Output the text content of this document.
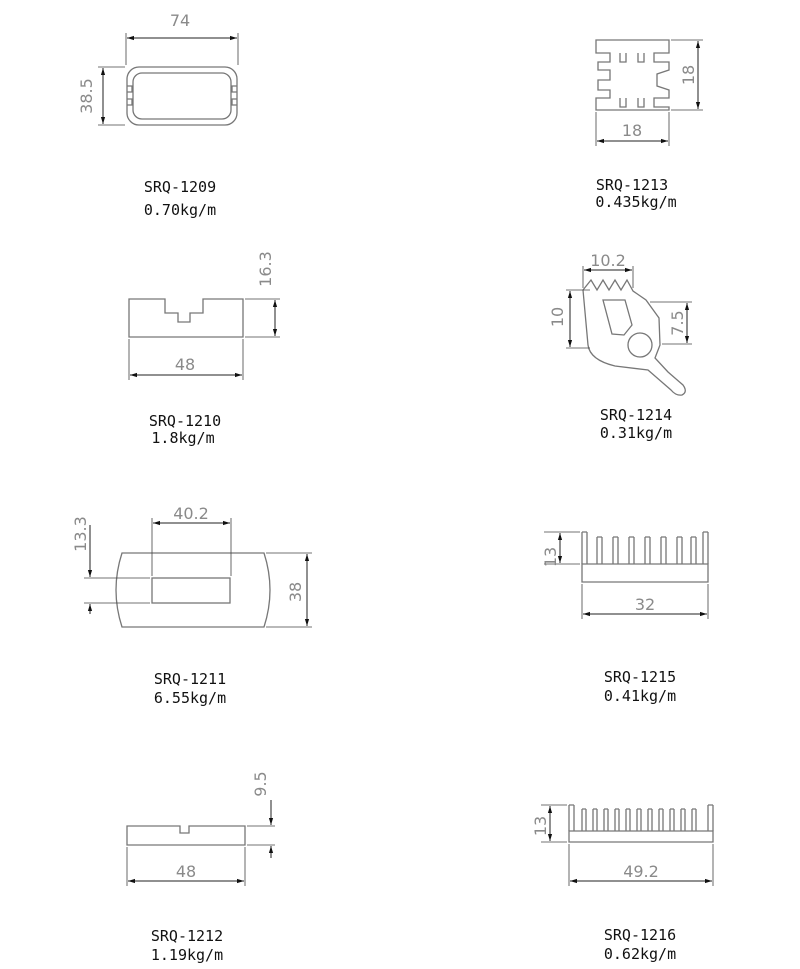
74
38.5
SRQ-1209
0.70kg/m
18
18
SRQ-1213
0.435kg/m
16.3
48
SRQ-1210
1.8kg/m
10.2
10	7.5
SRQ-1214
0.31kg/m
40.2
13.3
38
SRQ-1211
6.55kg/m
13
32
SRQ-1215
0.41kg/m
9.5
48
SRQ-1212
1.19kg/m
13
49.2
SRQ-1216
0.62kg/m
